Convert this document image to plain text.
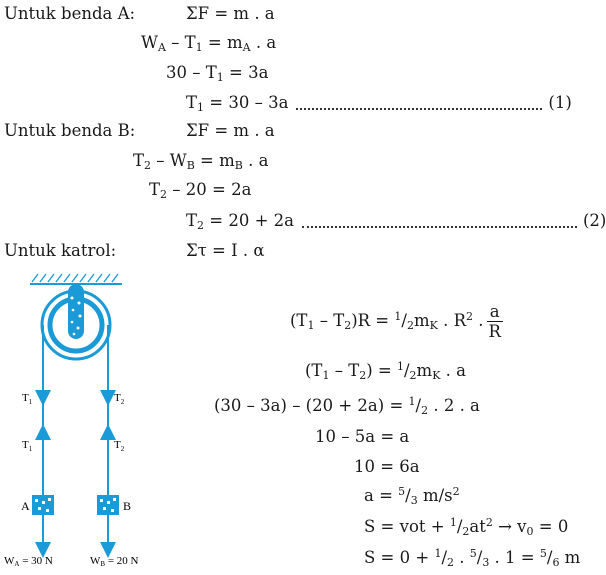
Untuk benda A:	ΣF = m . a
$W_A - T_1 = m_A$ . a
$30 - T_1 = 3a$
$T_1 = 30 - 3a$	(1)
Untuk benda B:	ΣF = m . a
$T_2 - W_B = m_B$ . a
$T_2 - 20 = 2a$
$T_2 = 20 + 2a$	(2)
Untuk katrol:	Στ = I . α
$T_1$	$T_2$
$T_1$	$T_2$
A	B
WA = 30 N	WB = 20 N
$(T_1 - T_2)R = ^1/_2m_K$ . $R^2$ . $\frac{a}{R}$
$(T_1 - T_2) = ^1/_2m_K$ . a
$(30 - 3a) - (20 + 2a) = ^1/_2$ . 2 . a
10 – 5a = a
10 = 6a
$a = ^5/_3$ $m/s^2$
S = vot + $^1/_2at^2 \to v_0 = 0$
$S = 0 + ^1/_2$ . $^5/_3$ . $1 = ^5/_6$ m
